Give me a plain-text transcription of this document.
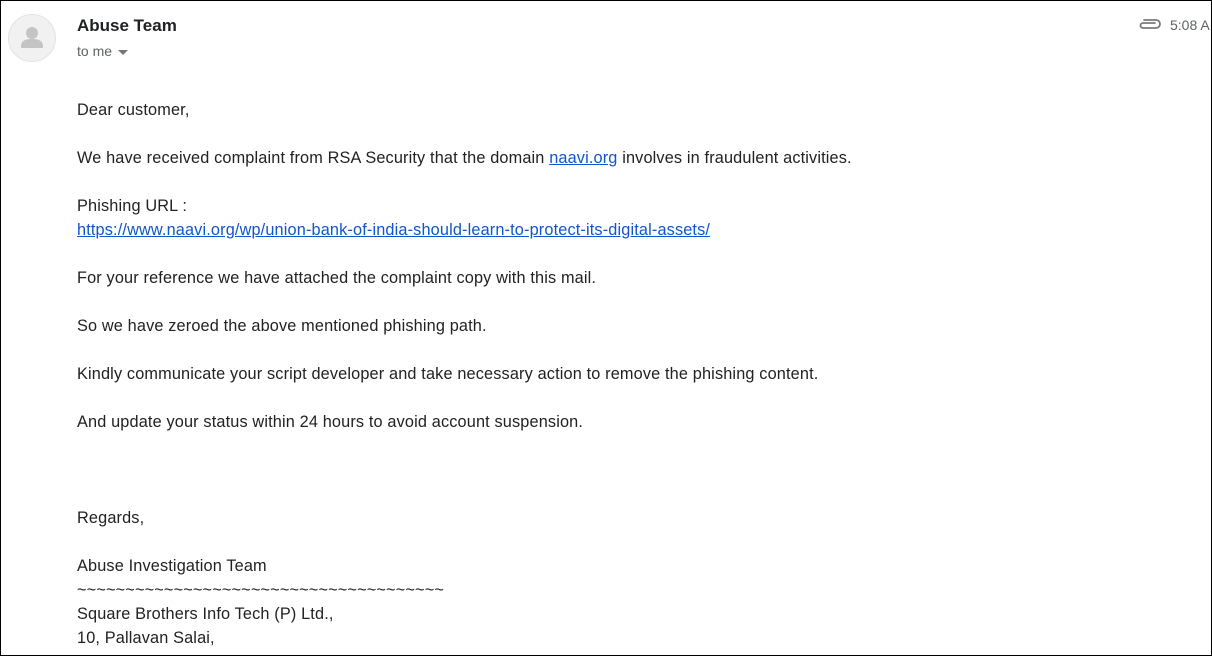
Abuse Team
to me
5:08 A
Dear customer,
We have received complaint from RSA Security that the domain naavi.org involves in fraudulent activities.
Phishing URL :
https://www.naavi.org/wp/union-bank-of-india-should-learn-to-protect-its-digital-assets/
For your reference we have attached the complaint copy with this mail.
So we have zeroed the above mentioned phishing path.
Kindly communicate your script developer and take necessary action to remove the phishing content.
And update your status within 24 hours to avoid account suspension.
Regards,
Abuse Investigation Team
~~~~~~~~~~~~~~~~~~~~~~~~~~~~~~~~~~~~~~
Square Brothers Info Tech (P) Ltd.,
10, Pallavan Salai,
